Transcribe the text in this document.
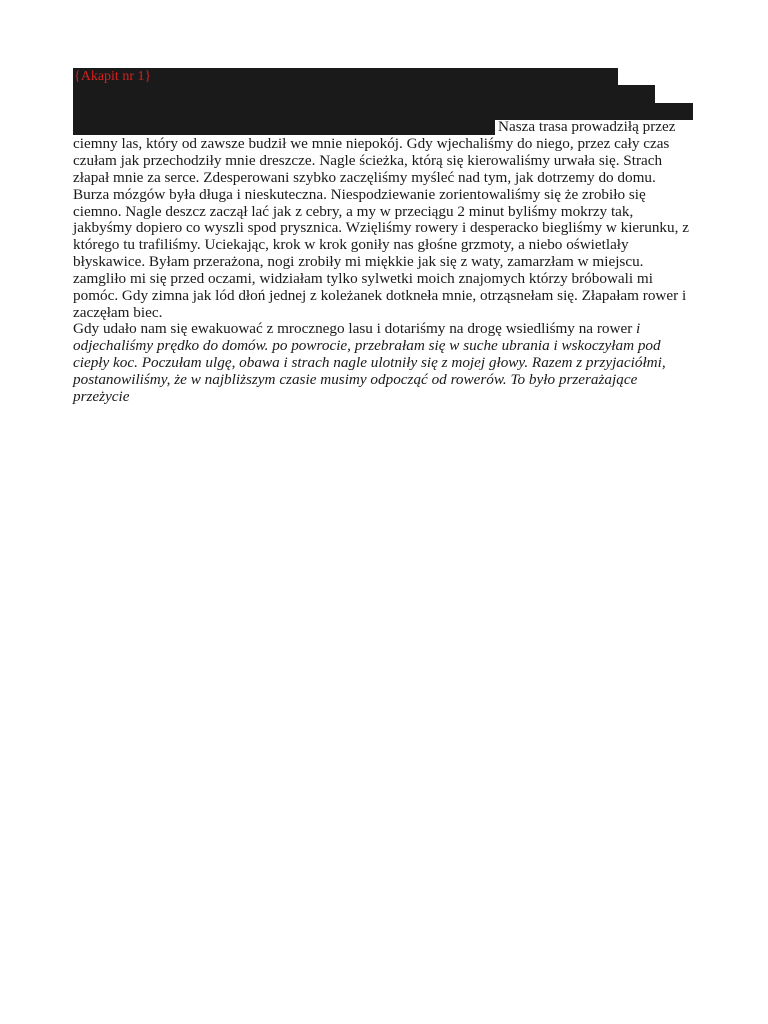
{Akapit nr 1}

Nasza trasa prowadziłą przez ciemny las, który od zawsze budził we mnie niepokój. Gdy wjechaliśmy do niego, przez cały czas czułam jak przechodziły mnie dreszcze. Nagle ścieżka, którą się kierowaliśmy urwała się. Strach złapał mnie za serce. Zdesperowani szybko zaczęliśmy myśleć nad tym, jak dotrzemy do domu. Burza mózgów była długa i nieskuteczna. Niespodziewanie zorientowaliśmy się że zrobiło się ciemno. Nagle deszcz zaczął lać jak z cebry, a my w przeciągu 2 minut byliśmy mokrzy tak, jakbyśmy dopiero co wyszli spod prysznica. Wzięliśmy rowery i desperacko biegliśmy w kierunku, z którego tu trafiliśmy. Uciekając, krok w krok goniły nas głośne grzmoty, a niebo oświetlały błyskawice. Byłam przerażona, nogi zrobiły mi miękkie jak się z waty, zamarzłam w miejscu. zamgliło mi się przed oczami, widziałam tylko sylwetki moich znajomych którzy bróbowali mi pomóc. Gdy zimna jak lód dłoń jednej z koleżanek dotkneła mnie, otrząsnełam się. Złapałam rower i zaczęłam biec.

Gdy udało nam się ewakuować z mrocznego lasu i dotariśmy na drogę wsiedliśmy na rower i odjechaliśmy prędko do domów. po powrocie, przebrałam się w suche ubrania i wskoczyłam pod ciepły koc. Poczułam ulgę, obawa i strach nagle ulotniły się z mojej głowy. Razem z przyjaciółmi, postanowiliśmy, że w najbliższym czasie musimy odpocząć od rowerów. To było przerażające przeżycie
